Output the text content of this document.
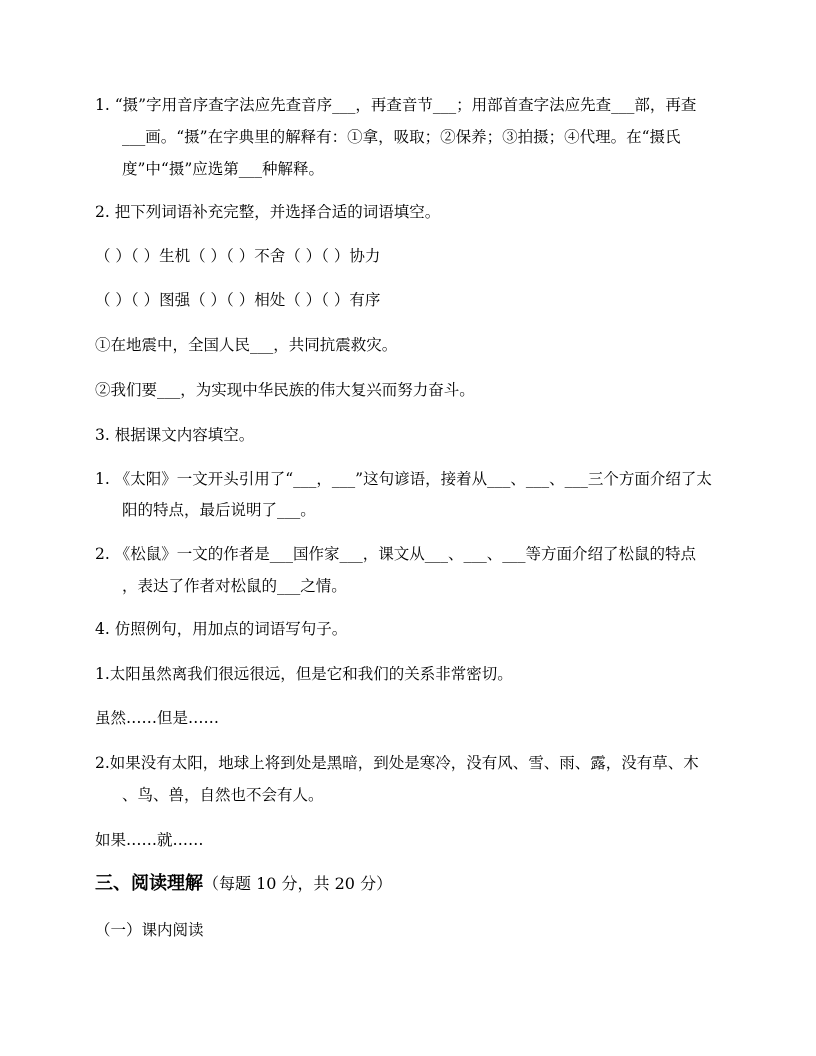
1. “摄”字用音序查字法应先查音序___，再查音节___；用部首查字法应先查___部，再查
___画。“摄”在字典里的解释有：①拿，吸取；②保养；③拍摄；④代理。在“摄氏
度”中“摄”应选第___种解释。
2. 把下列词语补充完整，并选择合适的词语填空。
（ ）（ ）生机（ ）（ ）不舍（ ）（ ）协力
（ ）（ ）图强（ ）（ ）相处（ ）（ ）有序
①在地震中，全国人民___，共同抗震救灾。
②我们要___，为实现中华民族的伟大复兴而努力奋斗。
3. 根据课文内容填空。
1. 《太阳》一文开头引用了“___，___”这句谚语，接着从___、___、___三个方面介绍了太
阳的特点，最后说明了___。
2. 《松鼠》一文的作者是___国作家___，课文从___、___、___等方面介绍了松鼠的特点
，表达了作者对松鼠的___之情。
4. 仿照例句，用加点的词语写句子。
1.太阳虽然离我们很远很远，但是它和我们的关系非常密切。
虽然……但是……
2.如果没有太阳，地球上将到处是黑暗，到处是寒冷，没有风、雪、雨、露，没有草、木
、鸟、兽，自然也不会有人。
如果……就……
三、阅读理解（每题 10 分，共 20 分）
（一）课内阅读
